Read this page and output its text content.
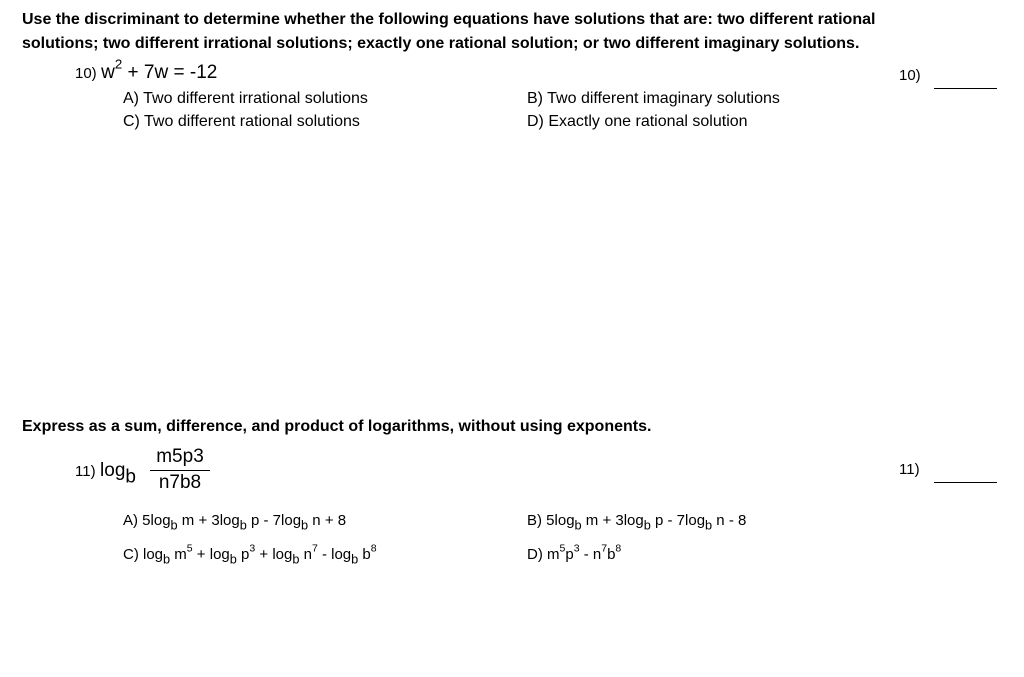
Use the discriminant to determine whether the following equations have solutions that are: two different rational
solutions; two different irrational solutions; exactly one rational solution; or two different imaginary solutions.
10) $w^2 + 7w = -12$	10)
A) Two different irrational solutions	B) Two different imaginary solutions
C) Two different rational solutions	D) Exactly one rational solution
Express as a sum, difference, and product of logarithms, without using exponents.
11) $\log_b$
m5p3
n7b8
11)
A) $5\log_b$ $m + 3\log_b$ p - $7\log_b$ n + 8	B) $5\log_b$ $m + 3\log_b$ p - $7\log_b$ n - 8
C) $\log_b m^5 + \log_b p^3 + \log_b n^7 - \log_b b^8$	D) $m^5p^3 - n^7b^8$
